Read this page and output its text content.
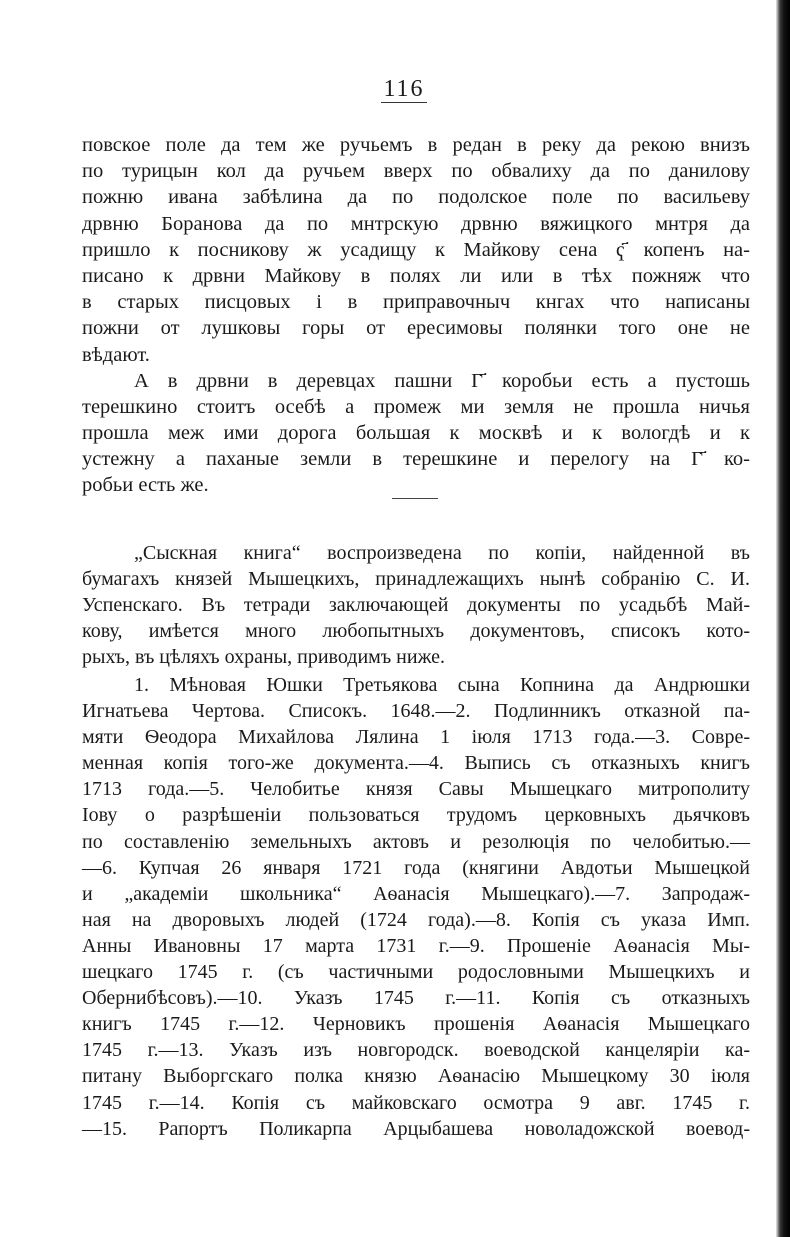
116
повское поле да тем же ручьемъ в редан в реку да рекою внизъ
по турицын кол да ручьем вверх по обвалиху да по данилову
пожню ивана забѣлина да по подолское поле по васильеву
дрвню Боранова да по мнтрскую дрвню вяжицкого мнтря да
пришло к посникову ж усадищу к Майкову сена ҁ҃ копенъ на-
писано к дрвни Майкову в полях ли или в тѣх пожняж что
в старых писцовых і в приправочныч кнгах что написаны
пожни от лушковы горы от ересимовы полянки того оне не
вѣдают.
А в дрвни в деревцах пашни Г҃ коробьи есть а пустошь
терешкино стоитъ осебѣ а промеж ми земля не прошла ничья
прошла меж ими дорога большая к москвѣ и к вологдѣ и к
устежну а паханые земли в терешкине и перелогу на Г҃ ко-
робьи есть же.
„Сыскная книга“ воспроизведена по копіи, найденной въ
бумагахъ князей Мышецкихъ, принадлежащихъ нынѣ собранію С. И.
Успенскаго. Въ тетради заключающей документы по усадьбѣ Май-
кову, имѣется много любопытныхъ документовъ, списокъ кото-
рыхъ, въ цѣляхъ охраны, приводимъ ниже.
1. Мѣновая Юшки Третьякова сына Копнина да Андрюшки
Игнатьева Чертова. Списокъ. 1648.—2. Подлинникъ отказной па-
мяти Ѳеодора Михайлова Лялина 1 іюля 1713 года.—3. Совре-
менная копія того-же документа.—4. Выпись съ отказныхъ книгъ
1713 года.—5. Челобитье князя Савы Мышецкаго митрополиту
Іову о разрѣшеніи пользоваться трудомъ церковныхъ дьячковъ
по составленію земельныхъ актовъ и резолюція по челобитью.—
—6. Купчая 26 января 1721 года (княгини Авдотьи Мышецкой
и „академіи школьника“ Аѳанасія Мышецкаго).—7. Запродаж-
ная на дворовыхъ людей (1724 года).—8. Копія съ указа Имп.
Анны Ивановны 17 марта 1731 г.—9. Прошеніе Аѳанасія Мы-
шецкаго 1745 г. (съ частичными родословными Мышецкихъ и
Обернибѣсовъ).—10. Указъ 1745 г.—11. Копія съ отказныхъ
книгъ 1745 г.—12. Черновикъ прошенія Аѳанасія Мышецкаго
1745 г.—13. Указъ изъ новгородск. воеводской канцеляріи ка-
питану Выборгскаго полка князю Аѳанасію Мышецкому 30 іюля
1745 г.—14. Копія съ майковскаго осмотра 9 авг. 1745 г.
—15. Рапортъ Поликарпа Арцыбашева новоладожской воевод-
